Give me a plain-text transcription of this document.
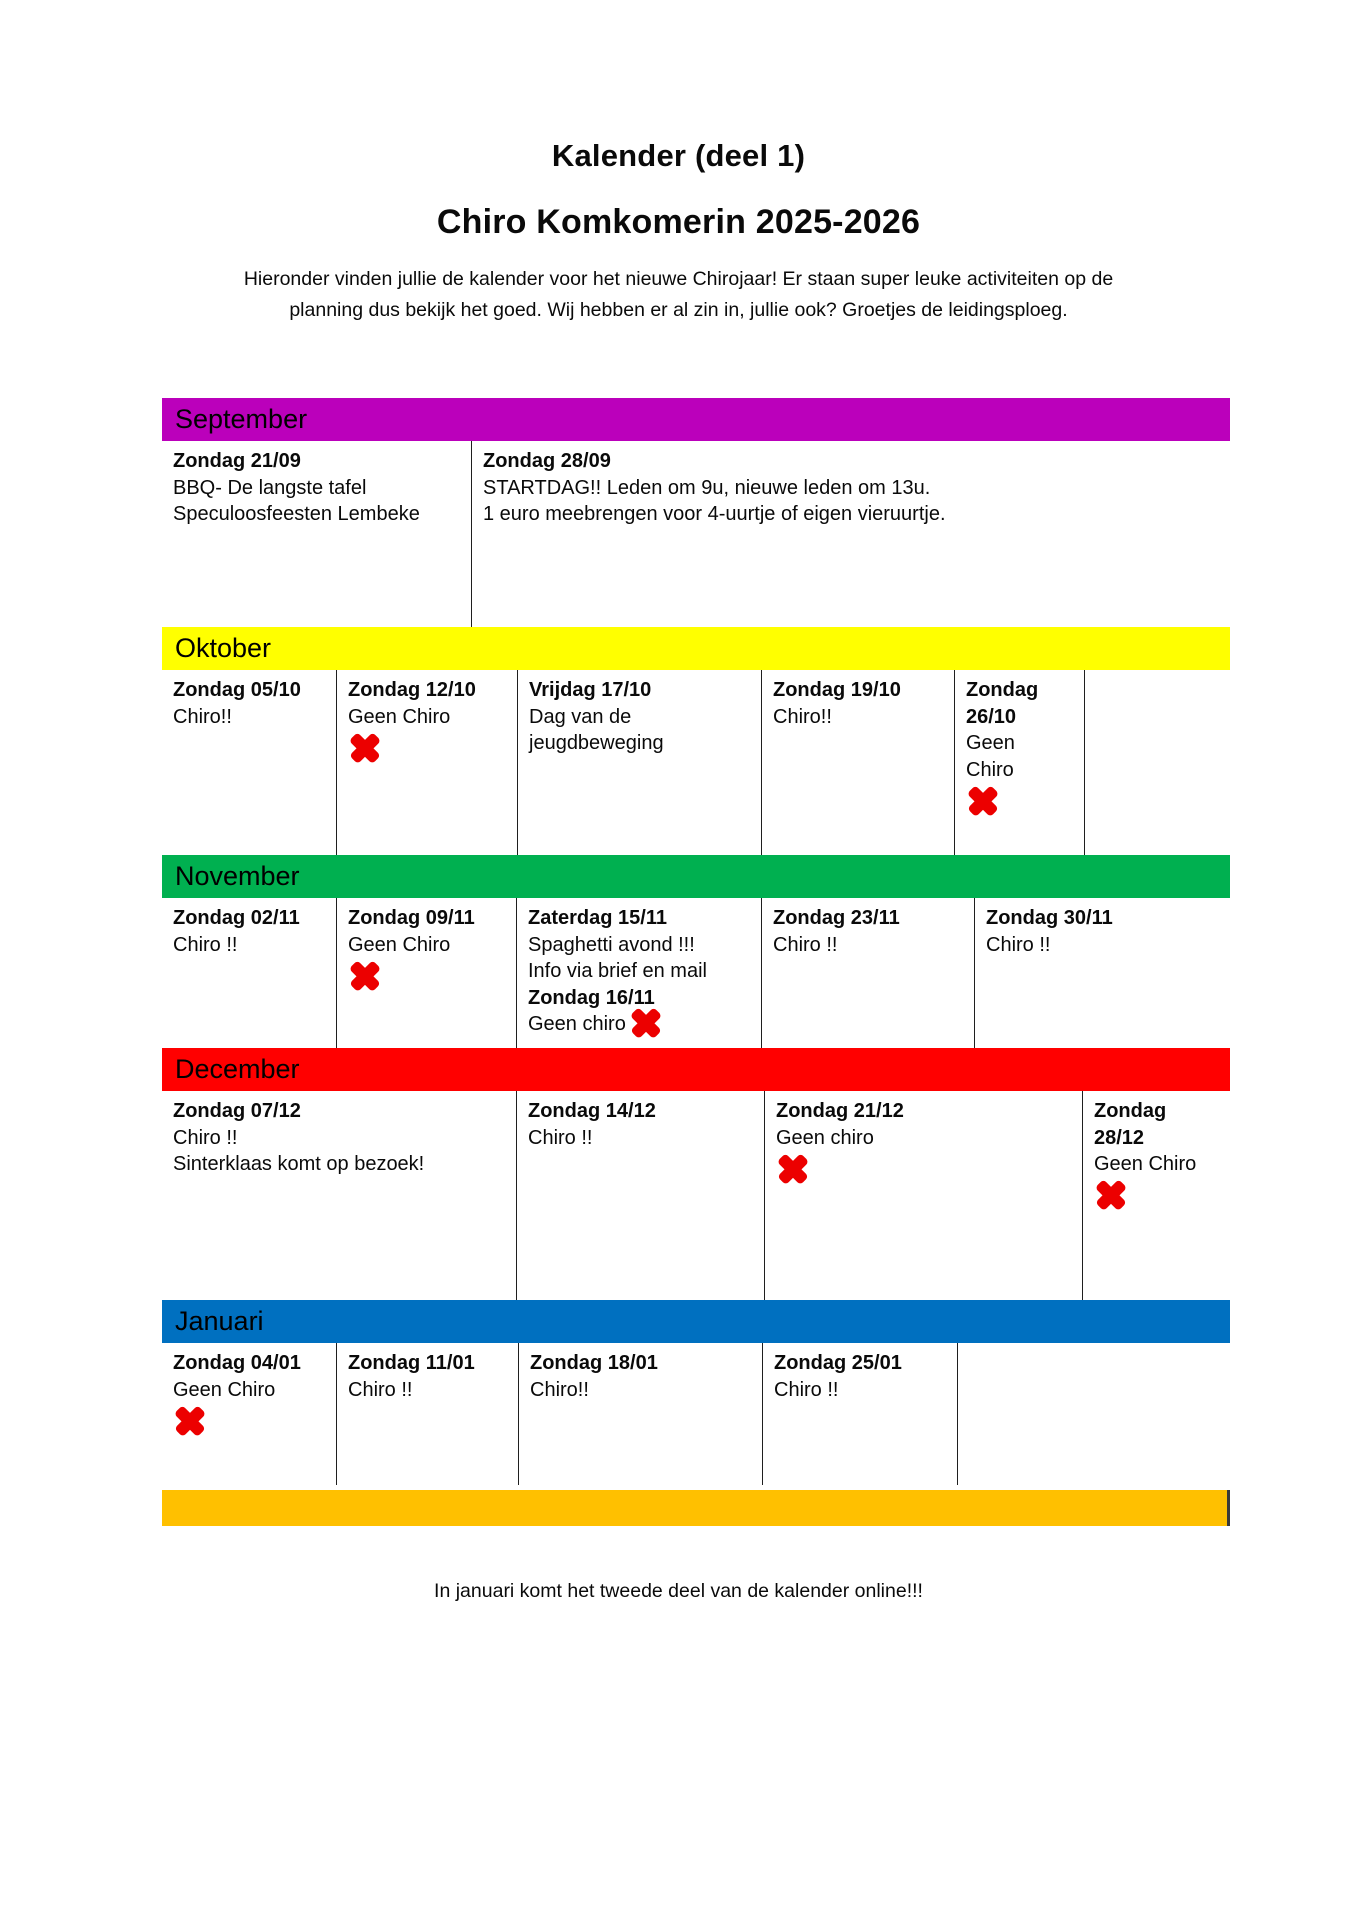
Kalender (deel 1)
Chiro Komkomerin 2025-2026

Hieronder vinden jullie de kalender voor het nieuwe Chirojaar! Er staan super leuke activiteiten op de
planning dus bekijk het goed. Wij hebben er al zin in, jullie ook? Groetjes de leidingsploeg.

September
Zondag 21/09
BBQ- De langste tafel
Speculoosfeesten Lembeke
Zondag 28/09
STARTDAG!! Leden om 9u, nieuwe leden om 13u.
1 euro meebrengen voor 4-uurtje of eigen vieruurtje.
Oktober
Zondag 05/10
Chiro!!
Zondag 12/10
Geen Chiro
Vrijdag 17/10
Dag van de
jeugdbeweging
Zondag 19/10
Chiro!!
Zondag
26/10
Geen
Chiro
November
Zondag 02/11
Chiro !!
Zondag 09/11
Geen Chiro
Zaterdag 15/11
Spaghetti avond !!!
Info via brief en mail
Zondag 16/11
Geen chiro
Zondag 23/11
Chiro !!
Zondag 30/11
Chiro !!
December
Zondag 07/12
Chiro !!
Sinterklaas komt op bezoek!
Zondag 14/12
Chiro !!
Zondag 21/12
Geen chiro
Zondag
28/12
Geen Chiro
Januari
Zondag 04/01
Geen Chiro
Zondag 11/01
Chiro !!
Zondag 18/01
Chiro!!
Zondag 25/01
Chiro !!

In januari komt het tweede deel van de kalender online!!!
